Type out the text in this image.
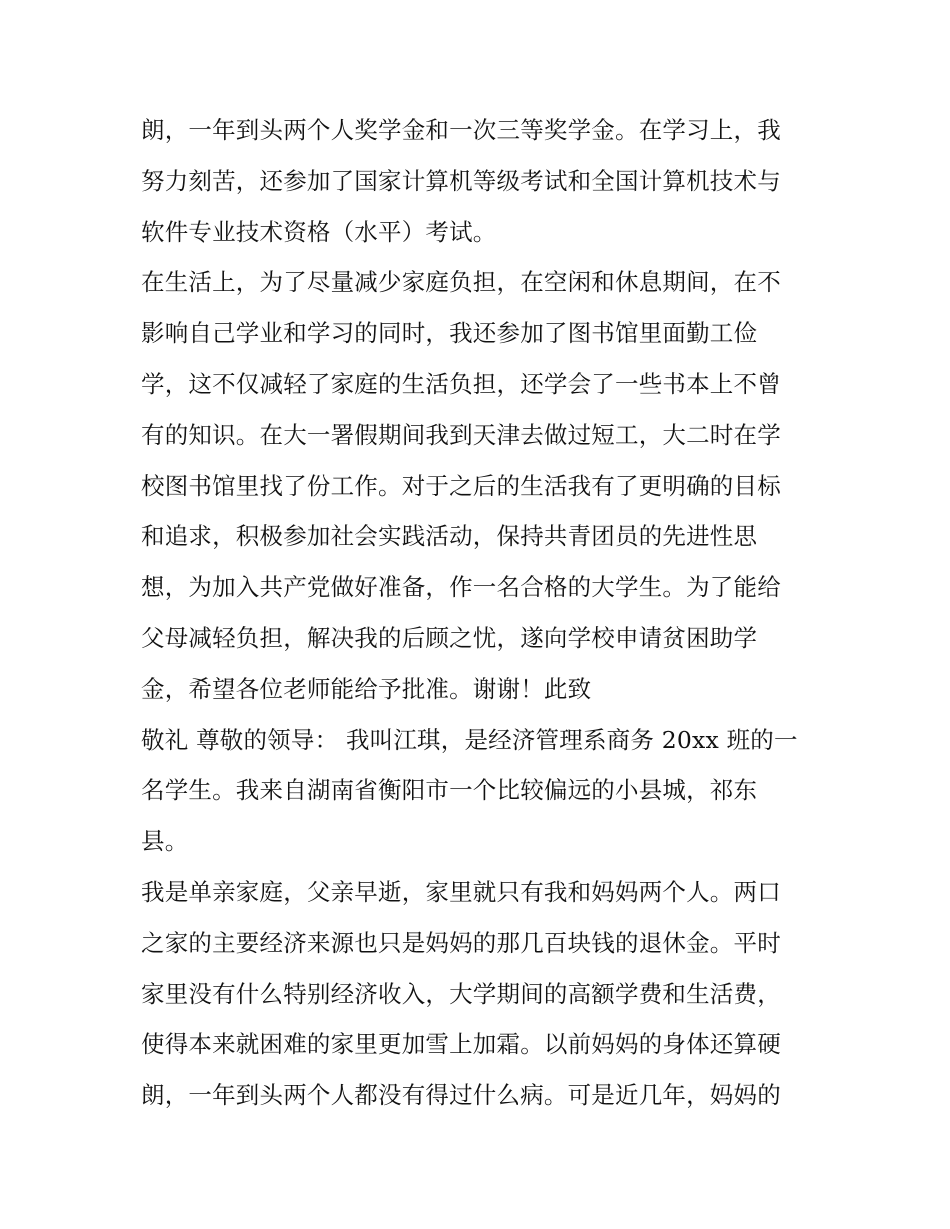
朗，一年到头两个人奖学金和一次三等奖学金。在学习上，我
努力刻苦，还参加了国家计算机等级考试和全国计算机技术与
软件专业技术资格（水平）考试。
在生活上，为了尽量减少家庭负担，在空闲和休息期间，在不
影响自己学业和学习的同时，我还参加了图书馆里面勤工俭
学，这不仅减轻了家庭的生活负担，还学会了一些书本上不曾
有的知识。在大一署假期间我到天津去做过短工，大二时在学
校图书馆里找了份工作。对于之后的生活我有了更明确的目标
和追求，积极参加社会实践活动，保持共青团员的先进性思
想，为加入共产党做好准备，作一名合格的大学生。为了能给
父母减轻负担，解决我的后顾之忧，遂向学校申请贫困助学
金，希望各位老师能给予批准。谢谢！此致
敬礼 尊敬的领导： 我叫江琪，是经济管理系商务 20xx 班的一
名学生。我来自湖南省衡阳市一个比较偏远的小县城，祁东
县。
我是单亲家庭，父亲早逝，家里就只有我和妈妈两个人。两口
之家的主要经济来源也只是妈妈的那几百块钱的退休金。平时
家里没有什么特别经济收入，大学期间的高额学费和生活费，
使得本来就困难的家里更加雪上加霜。以前妈妈的身体还算硬
朗，一年到头两个人都没有得过什么病。可是近几年，妈妈的
